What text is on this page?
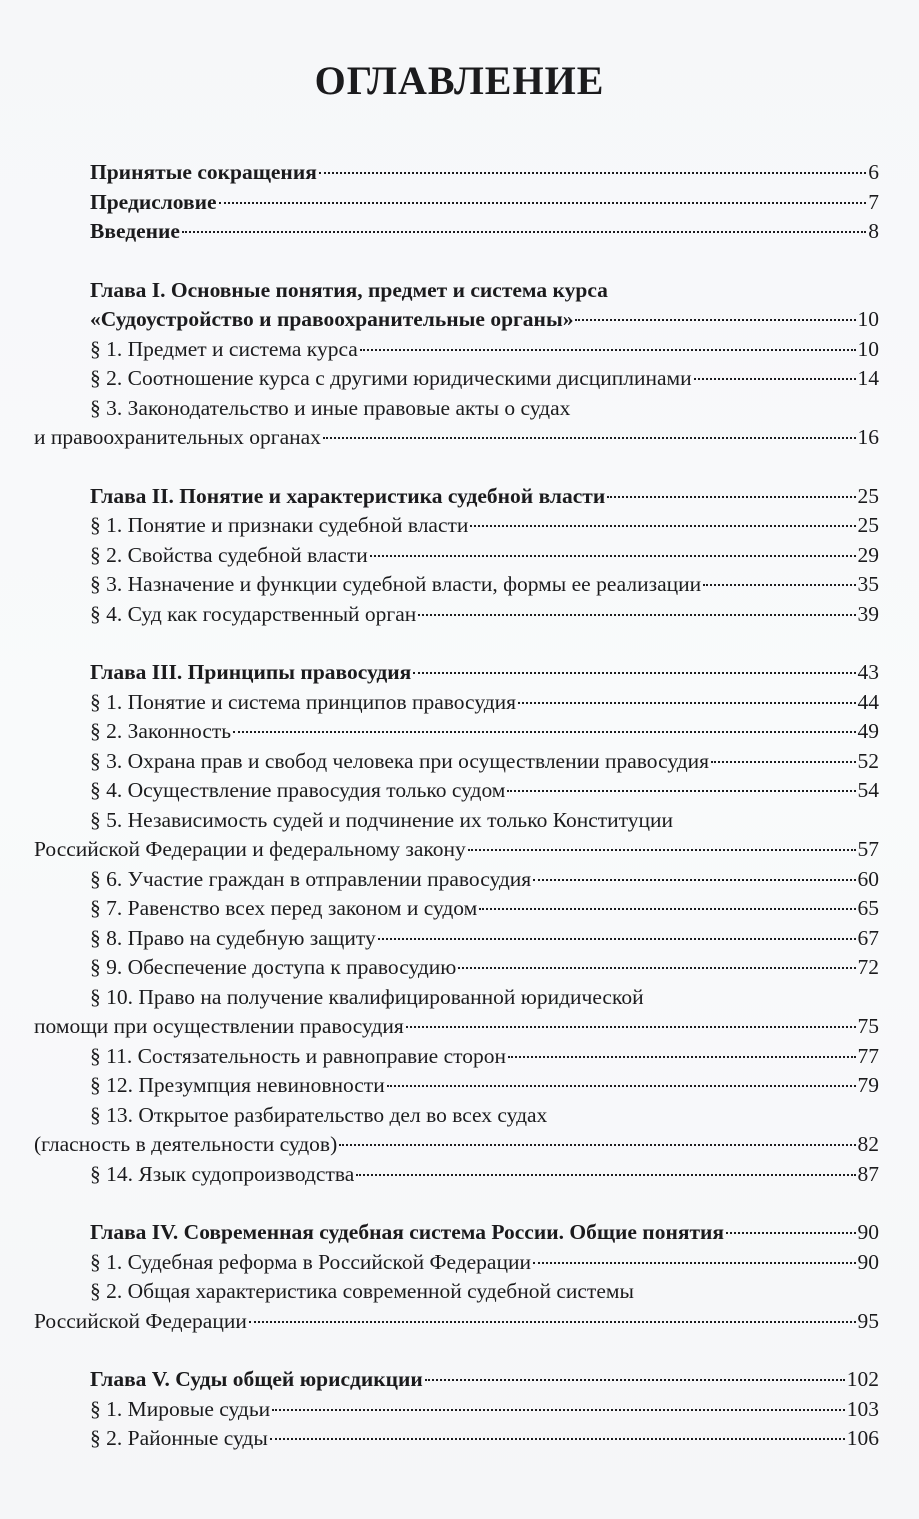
ОГЛАВЛЕНИЕ
Принятые сокращения	6
Предисловие	7
Введение	8
Глава I. Основные понятия, предмет и система курса
«Судоустройство и правоохранительные органы»	10
§ 1. Предмет и система курса	10
§ 2. Соотношение курса с другими юридическими дисциплинами	14
§ 3. Законодательство и иные правовые акты о судах
и правоохранительных органах	16
Глава II. Понятие и характеристика судебной власти	25
§ 1. Понятие и признаки судебной власти	25
§ 2. Свойства судебной власти	29
§ 3. Назначение и функции судебной власти, формы ее реализации	35
§ 4. Суд как государственный орган	39
Глава III. Принципы правосудия	43
§ 1. Понятие и система принципов правосудия	44
§ 2. Законность	49
§ 3. Охрана прав и свобод человека при осуществлении правосудия	52
§ 4. Осуществление правосудия только судом	54
§ 5. Независимость судей и подчинение их только Конституции
Российской Федерации и федеральному закону	57
§ 6. Участие граждан в отправлении правосудия	60
§ 7. Равенство всех перед законом и судом	65
§ 8. Право на судебную защиту	67
§ 9. Обеспечение доступа к правосудию	72
§ 10. Право на получение квалифицированной юридической
помощи при осуществлении правосудия	75
§ 11. Состязательность и равноправие сторон	77
§ 12. Презумпция невиновности	79
§ 13. Открытое разбирательство дел во всех судах
(гласность в деятельности судов)	82
§ 14. Язык судопроизводства	87
Глава IV. Современная судебная система России. Общие понятия	90
§ 1. Судебная реформа в Российской Федерации	90
§ 2. Общая характеристика современной судебной системы
Российской Федерации	95
Глава V. Суды общей юрисдикции	102
§ 1. Мировые судьи	103
§ 2. Районные суды	106
